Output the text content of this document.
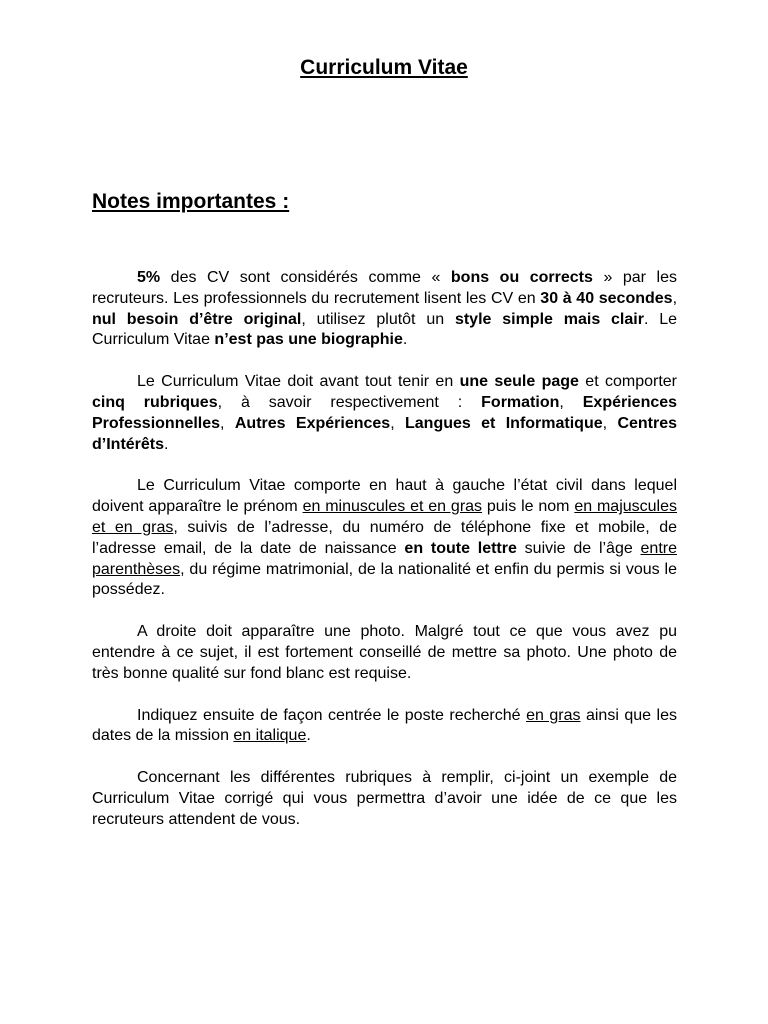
Curriculum Vitae
Notes importantes :

5% des CV sont considérés comme « bons ou corrects » par les recruteurs. Les professionnels du recrutement lisent les CV en 30 à 40 secondes, nul besoin d’être original, utilisez plutôt un style simple mais clair. Le Curriculum Vitae n’est pas une biographie.

Le Curriculum Vitae doit avant tout tenir en une seule page et comporter cinq rubriques, à savoir respectivement : Formation, Expériences Professionnelles, Autres Expériences, Langues et Informatique, Centres d’Intérêts.

Le Curriculum Vitae comporte en haut à gauche l’état civil dans lequel doivent apparaître le prénom en minuscules et en gras puis le nom en majuscules et en gras, suivis de l’adresse, du numéro de téléphone fixe et mobile, de l’adresse email, de la date de naissance en toute lettre suivie de l’âge entre parenthèses, du régime matrimonial, de la nationalité et enfin du permis si vous le possédez.

A droite doit apparaître une photo. Malgré tout ce que vous avez pu entendre à ce sujet, il est fortement conseillé de mettre sa photo. Une photo de très bonne qualité sur fond blanc est requise.

Indiquez ensuite de façon centrée le poste recherché en gras ainsi que les dates de la mission en italique.

Concernant les différentes rubriques à remplir, ci-joint un exemple de Curriculum Vitae corrigé qui vous permettra d’avoir une idée de ce que les recruteurs attendent de vous.
